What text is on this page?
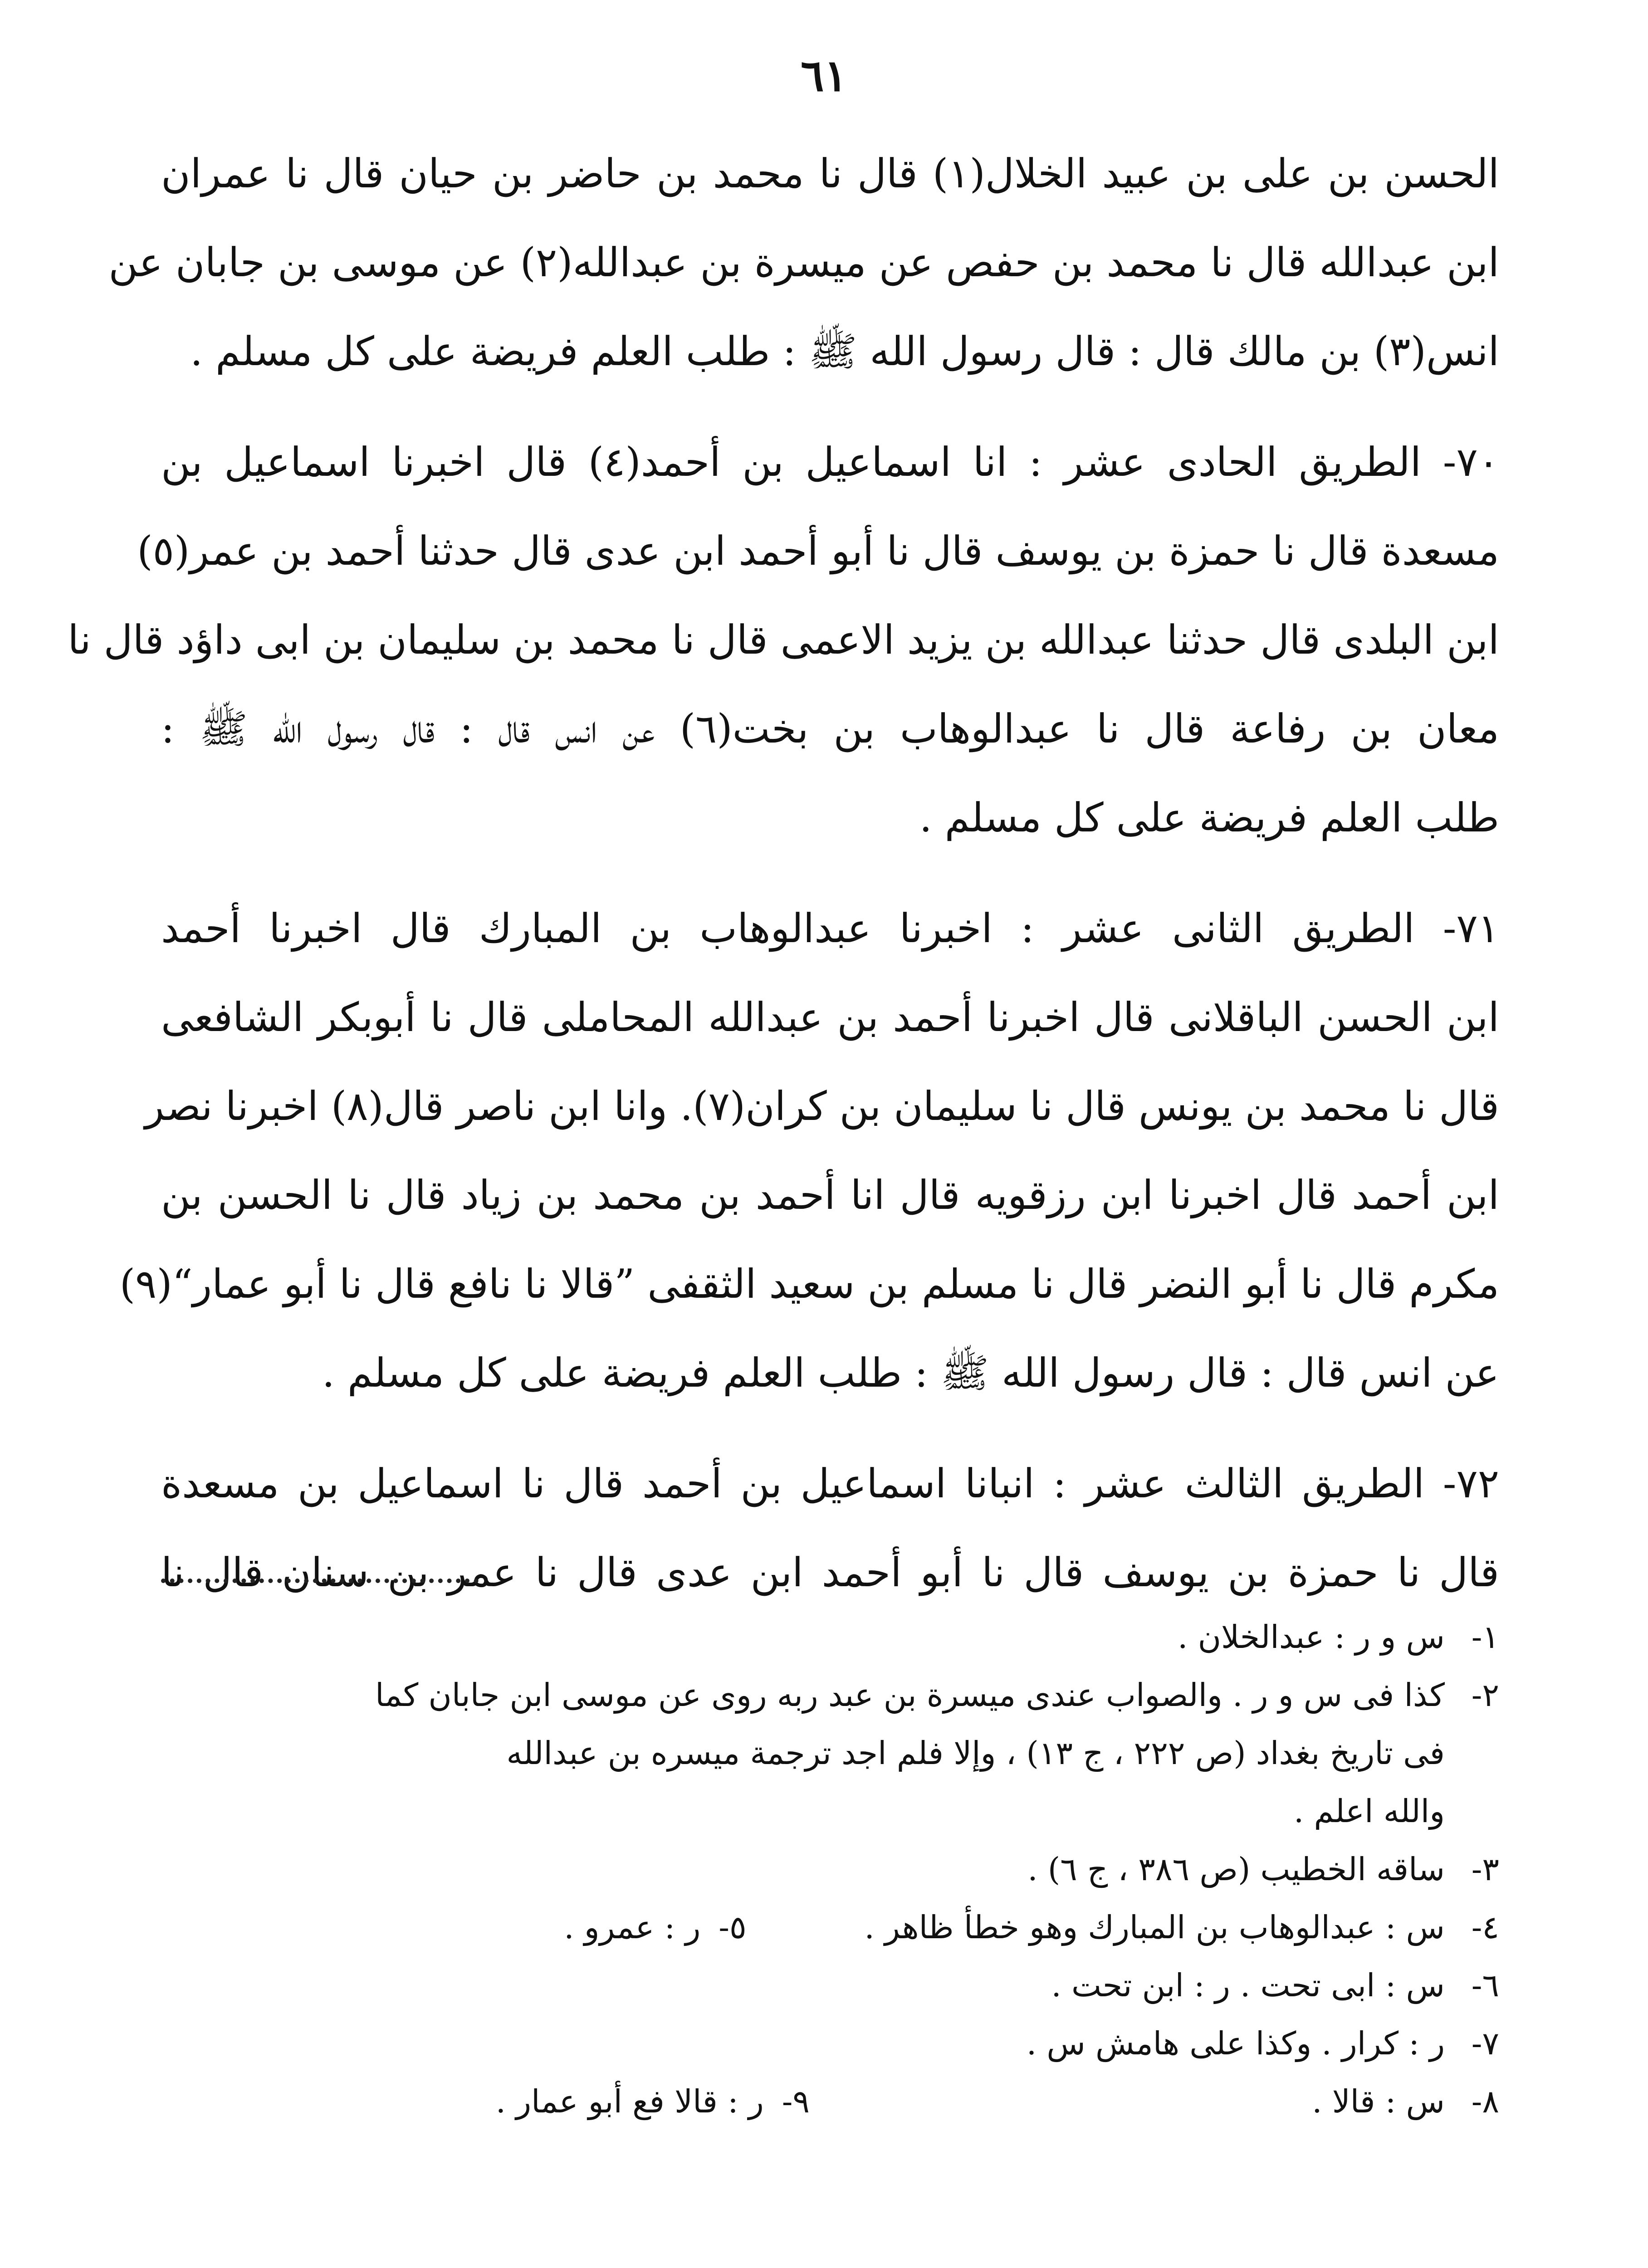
٦١
الحسن بن علی بن عبید الخلال(١) قال نا محمد بن حاضر بن حیان قال نا عمران
ابن عبدالله قال نا محمد بن حفص عن میسرة بن عبدالله(٢) عن موسی بن جابان عن
انس(٣) بن مالك قال : قال رسول الله ﷺ : طلب العلم فریضة علی کل مسلم .
٧٠- الطریق الحادی عشر : انا اسماعیل بن أحمد(٤) قال اخبرنا اسماعیل بن
مسعدة قال نا حمزة بن یوسف قال نا أبو أحمد ابن عدی قال حدثنا أحمد بن عمر(٥)
ابن البلدی قال حدثنا عبدالله بن یزید الاعمی قال نا محمد بن سلیمان بن ابی داؤد قال نا
معان بن رفاعة قال نا عبدالوهاب بن بخت(٦) عن انس قال : قال رسول الله ﷺ :
طلب العلم فریضة علی کل مسلم .
٧١- الطریق الثانی عشر : اخبرنا عبدالوهاب بن المبارك قال اخبرنا أحمد
ابن الحسن الباقلانی قال اخبرنا أحمد بن عبدالله المحاملی قال نا أبوبکر الشافعی
قال نا محمد بن یونس قال نا سلیمان بن کران(٧). وانا ابن ناصر قال(٨) اخبرنا نصر
ابن أحمد قال اخبرنا ابن رزقویه قال انا أحمد بن محمد بن زیاد قال نا الحسن بن
مکرم قال نا أبو النضر قال نا مسلم بن سعید الثقفی ”قالا نا نافع قال نا أبو عمار“(٩)
عن انس قال : قال رسول الله ﷺ : طلب العلم فریضة علی کل مسلم .
٧٢- الطریق الثالث عشر : انبانا اسماعیل بن أحمد قال نا اسماعیل بن مسعدة
قال نا حمزة بن یوسف قال نا أبو أحمد ابن عدی قال نا عمر بن سنان قال نا
١-
س و ر : عبدالخلان .
٢-
کذا فی س و ر . والصواب عندی میسرة بن عبد ربه روی عن موسی ابن جابان کما
فی تاریخ بغداد (ص ٢٢٢ ، ج ١٣) ، وإلا فلم اجد ترجمة میسره بن عبدالله
والله اعلم .
٣-
ساقه الخطیب (ص ٣٨٦ ، ج ٦) .
٤-
س : عبدالوهاب بن المبارك وهو خطأ ظاهر .
٥-
ر : عمرو .
٦-
س : ابی تحت . ر : ابن تحت .
٧-
ر : کرار . وکذا علی هامش س .
٨-
س : قالا .
٩-
ر : قالا فع أبو عمار .
